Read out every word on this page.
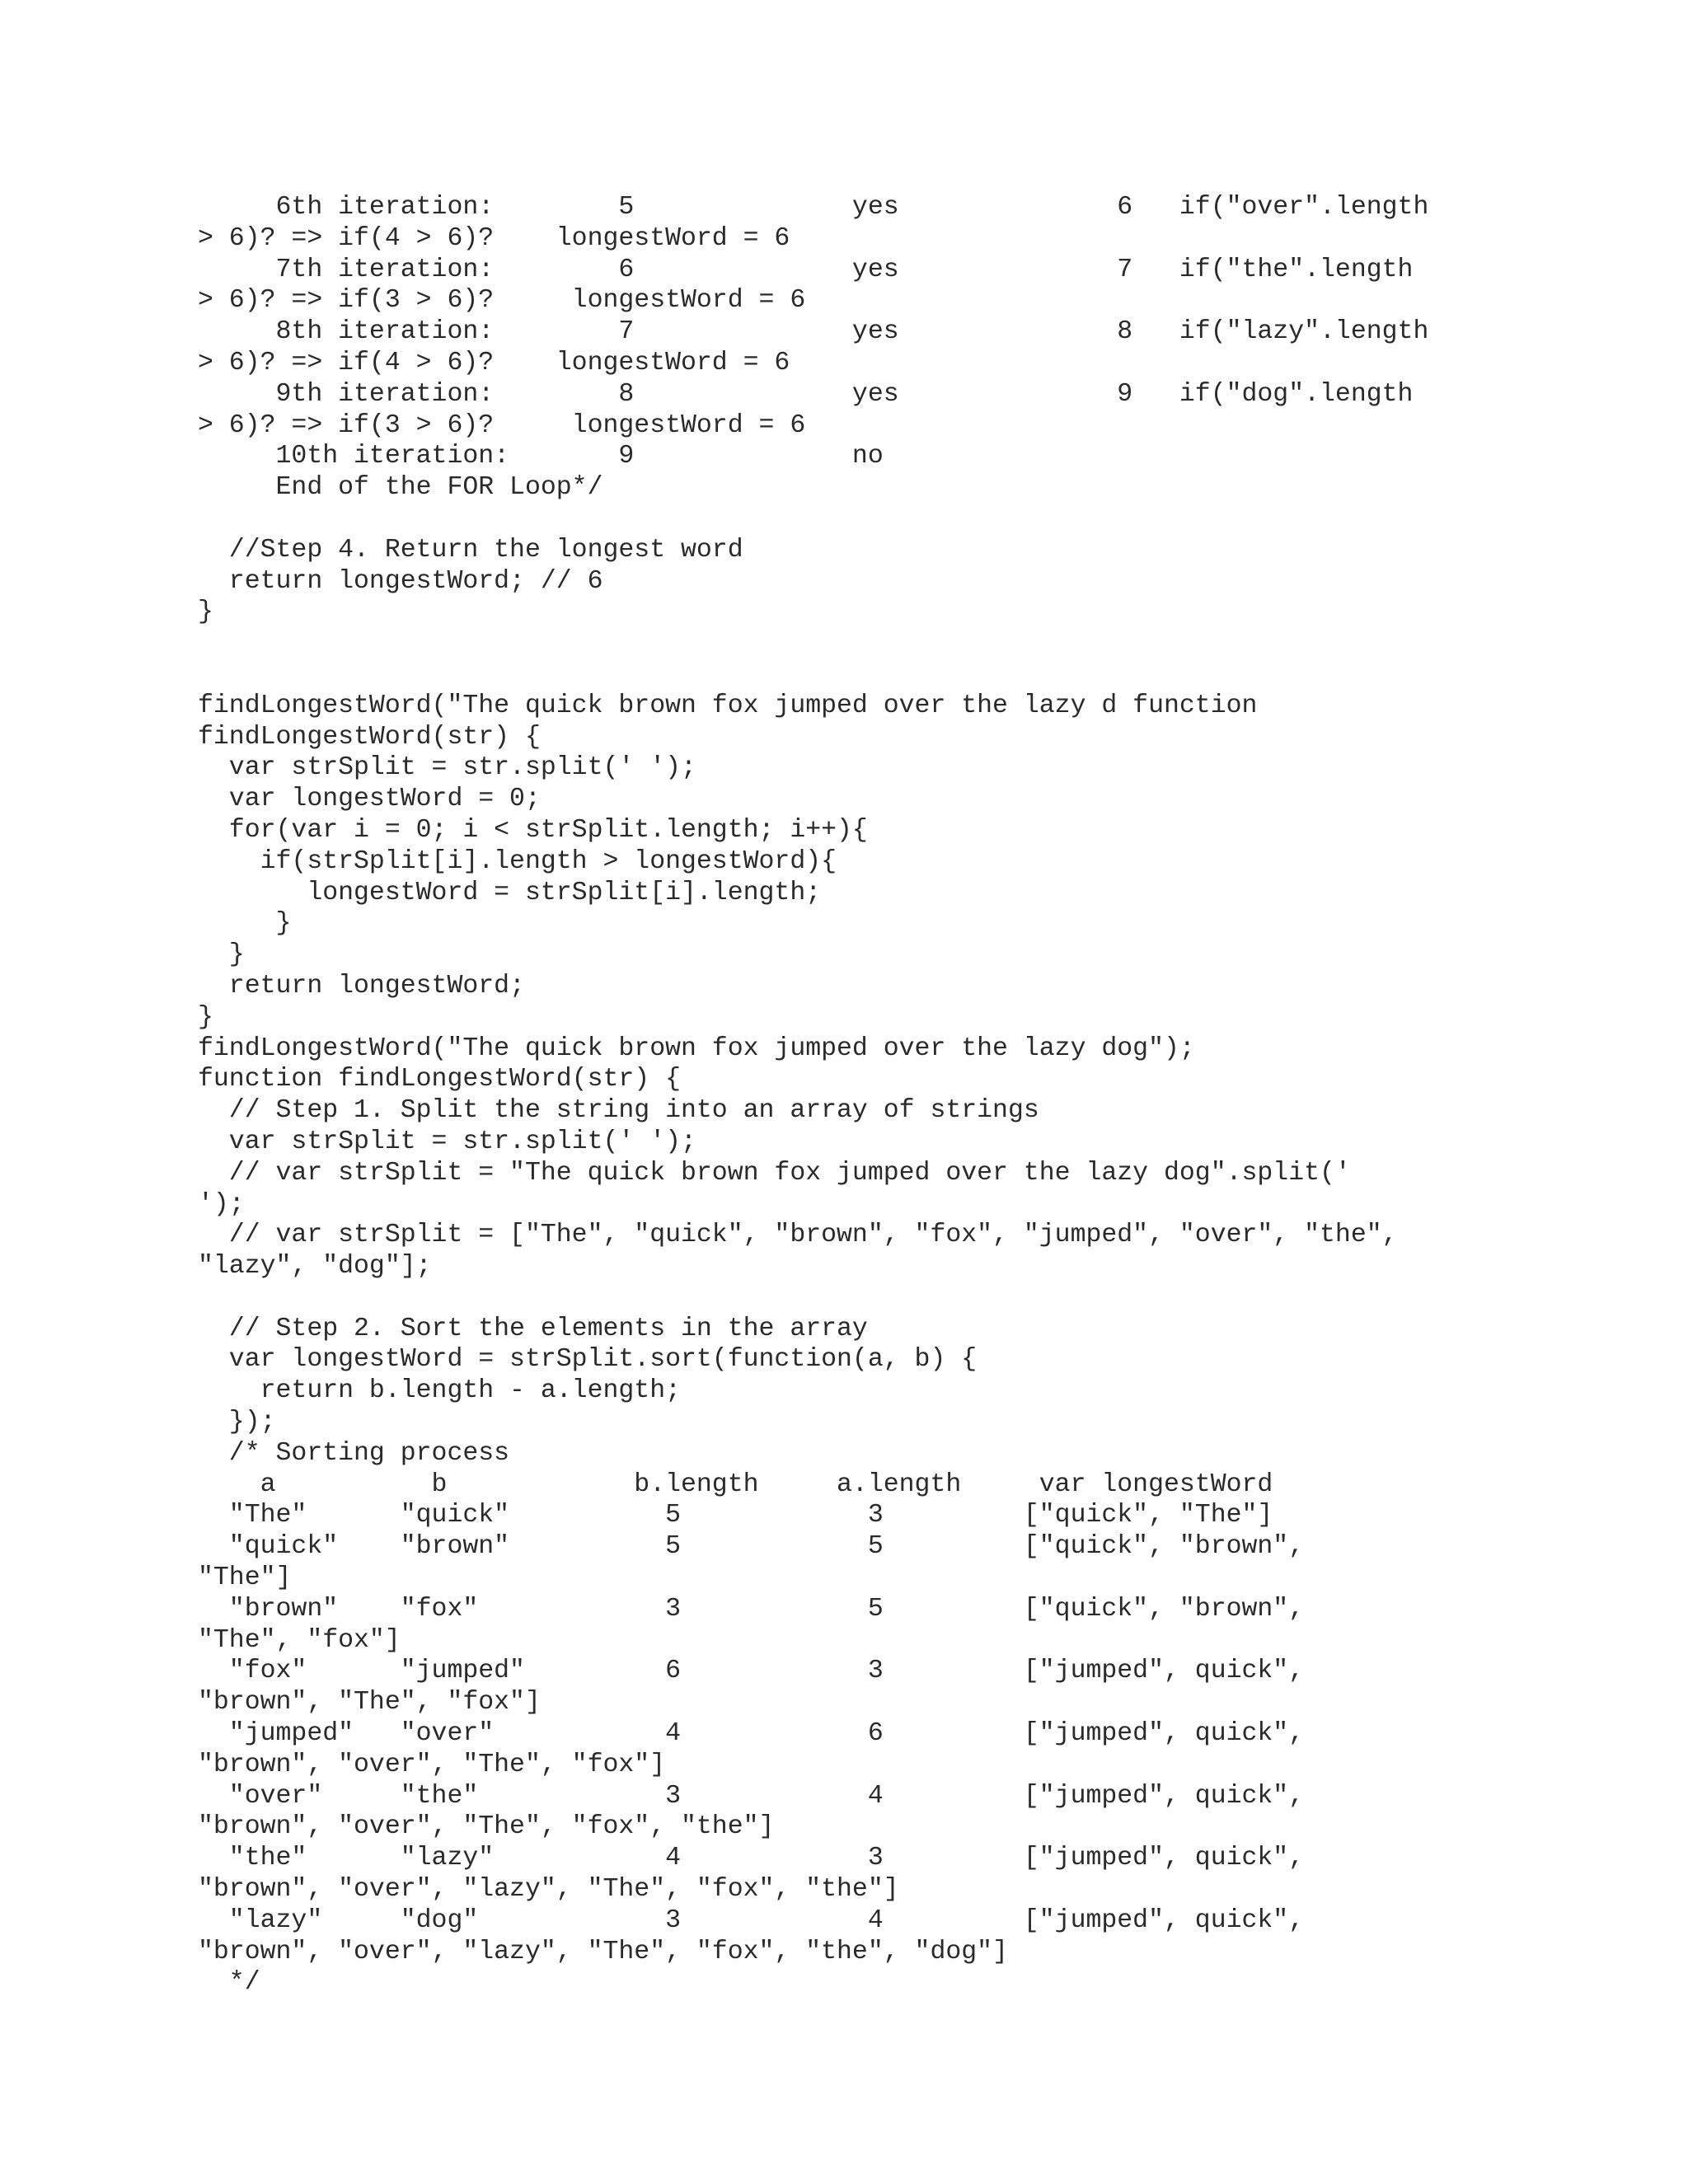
6th iteration:        5              yes              6   if("over".length
> 6)? => if(4 > 6)?    longestWord = 6
7th iteration:        6              yes              7   if("the".length
> 6)? => if(3 > 6)?     longestWord = 6
8th iteration:        7              yes              8   if("lazy".length
> 6)? => if(4 > 6)?    longestWord = 6
9th iteration:        8              yes              9   if("dog".length
> 6)? => if(3 > 6)?     longestWord = 6
10th iteration:       9              no
End of the FOR Loop*/
//Step 4. Return the longest word
return longestWord; // 6
}
findLongestWord("The quick brown fox jumped over the lazy d function
findLongestWord(str) {
var strSplit = str.split(' ');
var longestWord = 0;
for(var i = 0; i < strSplit.length; i++){
if(strSplit[i].length > longestWord){
longestWord = strSplit[i].length;
}
}
return longestWord;
}
findLongestWord("The quick brown fox jumped over the lazy dog");
function findLongestWord(str) {
// Step 1. Split the string into an array of strings
var strSplit = str.split(' ');
// var strSplit = "The quick brown fox jumped over the lazy dog".split('
');
// var strSplit = ["The", "quick", "brown", "fox", "jumped", "over", "the",
"lazy", "dog"];
// Step 2. Sort the elements in the array
var longestWord = strSplit.sort(function(a, b) {
return b.length - a.length;
});
/* Sorting process
a          b            b.length     a.length     var longestWord
"The"      "quick"          5            3         ["quick", "The"]
"quick"    "brown"          5            5         ["quick", "brown",
"The"]
"brown"    "fox"            3            5         ["quick", "brown",
"The", "fox"]
"fox"      "jumped"         6            3         ["jumped", quick",
"brown", "The", "fox"]
"jumped"   "over"           4            6         ["jumped", quick",
"brown", "over", "The", "fox"]
"over"     "the"            3            4         ["jumped", quick",
"brown", "over", "The", "fox", "the"]
"the"      "lazy"           4            3         ["jumped", quick",
"brown", "over", "lazy", "The", "fox", "the"]
"lazy"     "dog"            3            4         ["jumped", quick",
"brown", "over", "lazy", "The", "fox", "the", "dog"]
*/
